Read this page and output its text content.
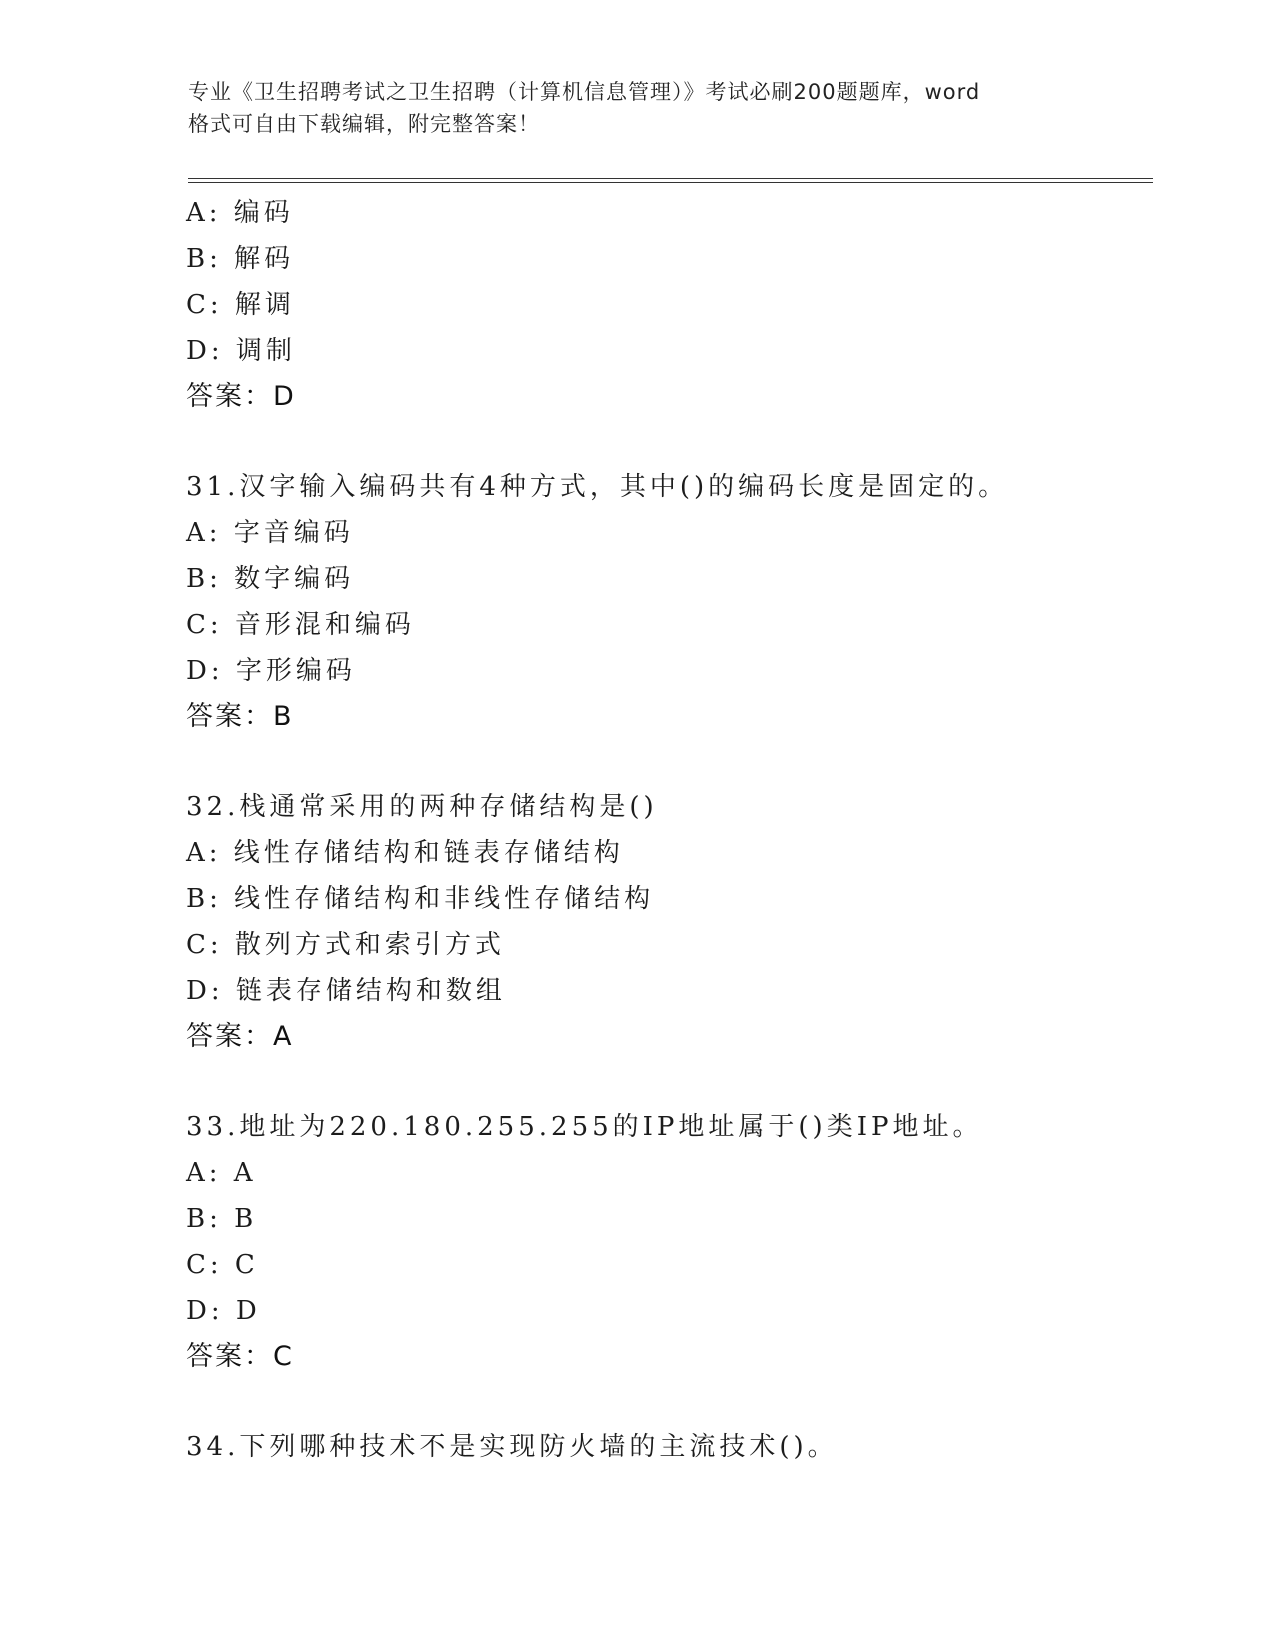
专业《卫生招聘考试之卫生招聘（计算机信息管理）》考试必刷200题题库，word
格式可自由下载编辑，附完整答案！
A: 编码
B: 解码
C: 解调
D: 调制
答案：D
31.汉字输入编码共有4种方式，其中()的编码长度是固定的。
A: 字音编码
B: 数字编码
C: 音形混和编码
D: 字形编码
答案：B
32.栈通常采用的两种存储结构是()
A: 线性存储结构和链表存储结构
B: 线性存储结构和非线性存储结构
C: 散列方式和索引方式
D: 链表存储结构和数组
答案：A
33.地址为220.180.255.255的IP地址属于()类IP地址。
A: A
B: B
C: C
D: D
答案：C
34.下列哪种技术不是实现防火墙的主流技术()。
